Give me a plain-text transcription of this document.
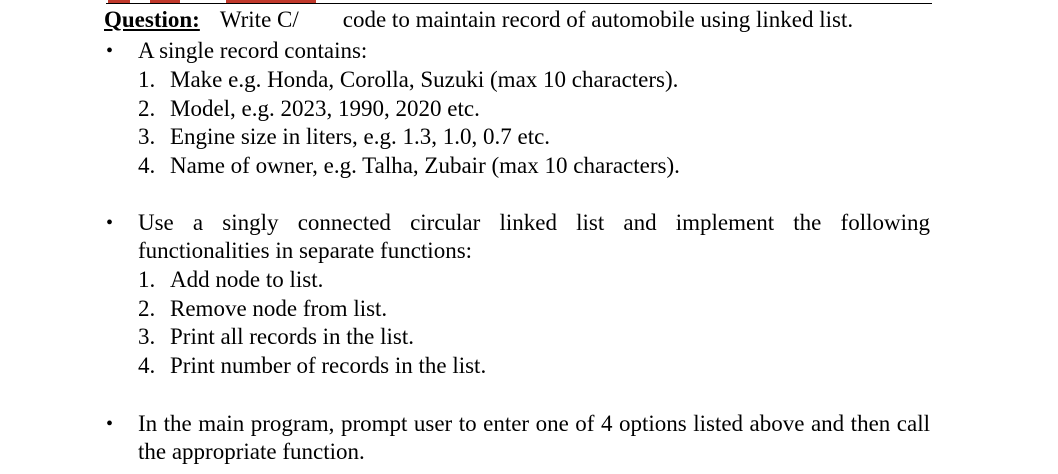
Question: Write C/ code to maintain record of automobile using linked list.
•	A single record contains:
1. Make e.g. Honda, Corolla, Suzuki (max 10 characters).
2. Model, e.g. 2023, 1990, 2020 etc.
3. Engine size in liters, e.g. 1.3, 1.0, 0.7 etc.
4. Name of owner, e.g. Talha, Zubair (max 10 characters).
•	Use a singly connected circular linked list and implement the following functionalities in separate functions:
1. Add node to list.
2. Remove node from list.
3. Print all records in the list.
4. Print number of records in the list.
•	In the main program, prompt user to enter one of 4 options listed above and then call the appropriate function.
